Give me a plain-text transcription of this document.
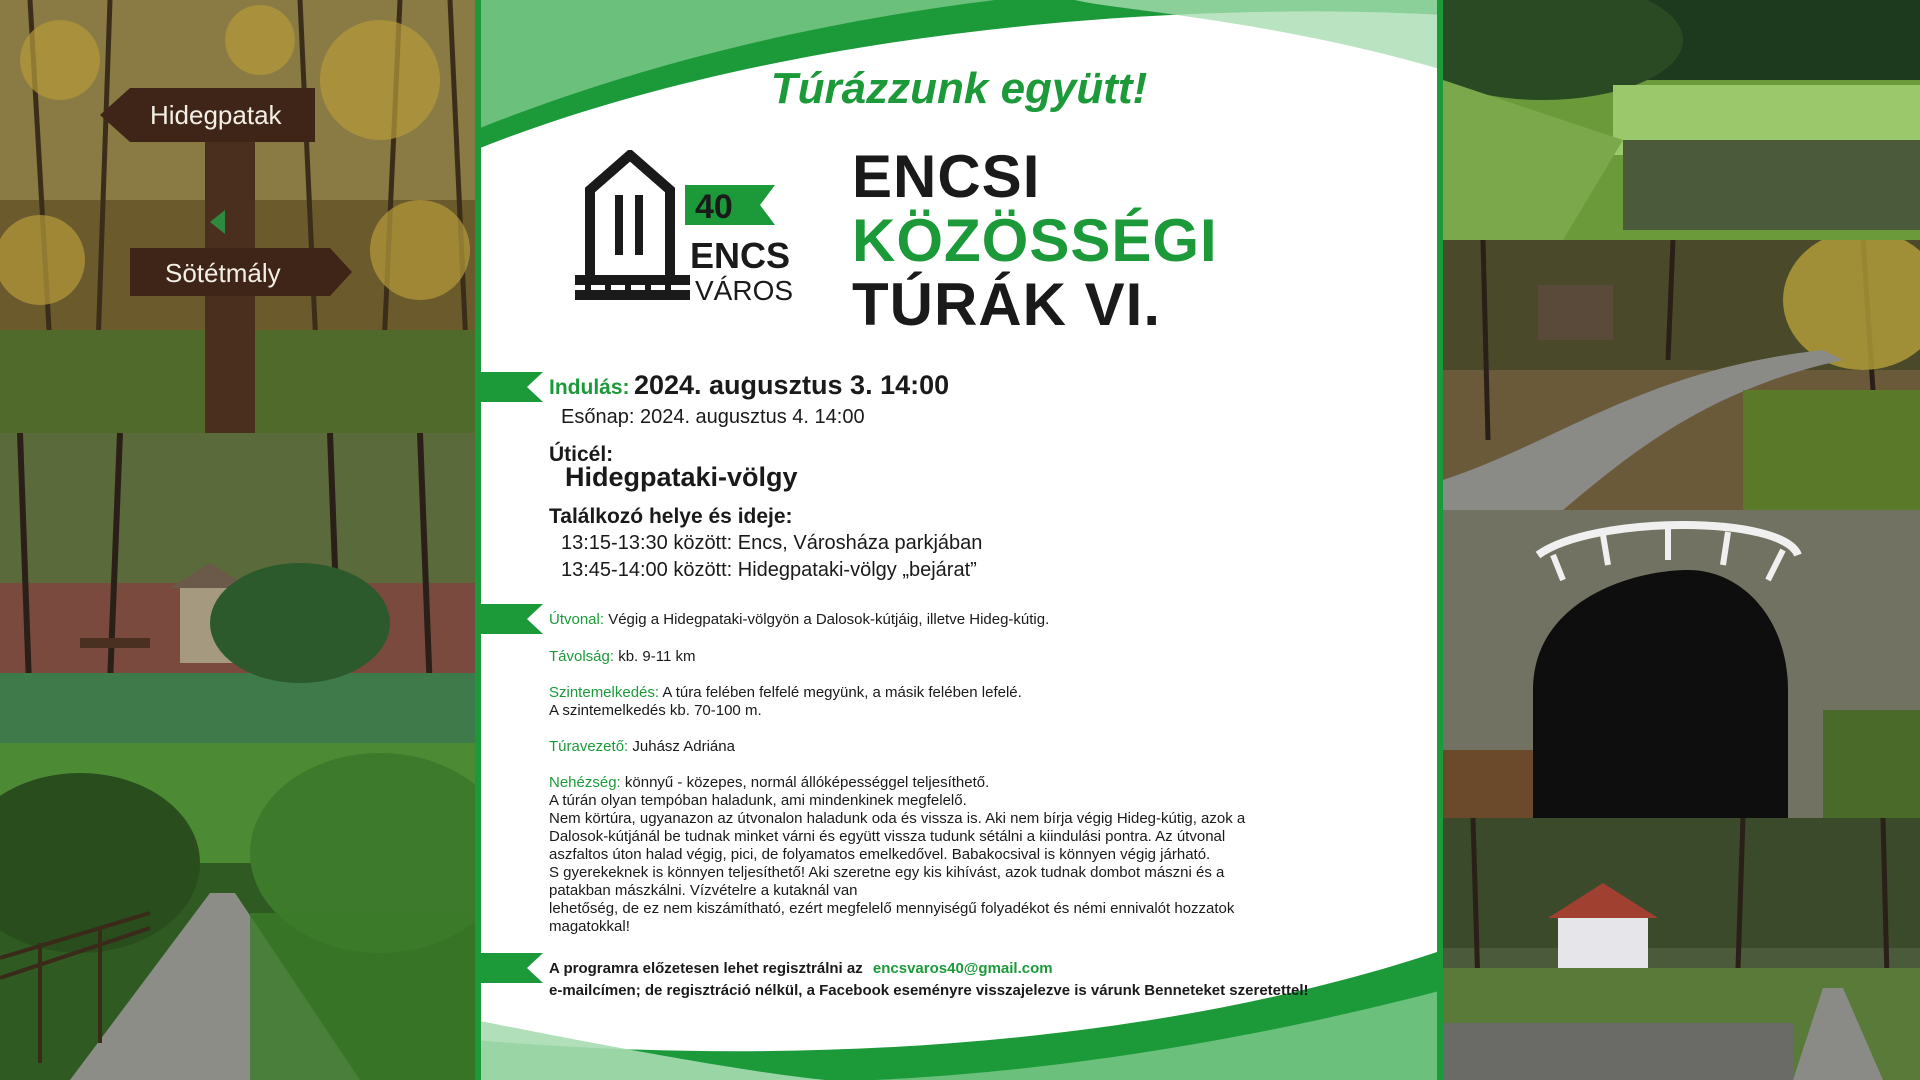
Hidegpatak
Sötétmály
Túrázzunk együtt!
40
ENCS
VÁROS
ENCSI
KÖZÖSSÉGI
TÚRÁK VI.
Indulás: 2024. augusztus 3. 14:00
Esőnap: 2024. augusztus 4. 14:00
Úticél:
Hidegpataki-völgy
Találkozó helye és ideje:
13:15-13:30 között: Encs, Városháza parkjában
13:45-14:00 között: Hidegpataki-völgy „bejárat”
Útvonal: Végig a Hidegpataki-völgyön a Dalosok-kútjáig, illetve Hideg-kútig.
Távolság: kb. 9-11 km
Szintemelkedés: A túra felében felfelé megyünk, a másik felében lefelé.
A szintemelkedés kb. 70-100 m.
Túravezető: Juhász Adriána
Nehézség: könnyű - közepes, normál állóképességgel teljesíthető.
A túrán olyan tempóban haladunk, ami mindenkinek megfelelő.
Nem körtúra, ugyanazon az útvonalon haladunk oda és vissza is. Aki nem bírja végig Hideg-kútig, azok a
Dalosok-kútjánál be tudnak minket várni és együtt vissza tudunk sétálni a kiindulási pontra. Az útvonal
aszfaltos úton halad végig, pici, de folyamatos emelkedővel. Babakocsival is könnyen végig járható.
S gyerekeknek is könnyen teljesíthető! Aki szeretne egy kis kihívást, azok tudnak dombot mászni és a
patakban mászkálni. Vízvételre a kutaknál van
lehetőség, de ez nem kiszámítható, ezért megfelelő mennyiségű folyadékot és némi ennivalót hozzatok
magatokkal!
A programra előzetesen lehet regisztrálni az encsvaros40@gmail.com
e-mailcímen; de regisztráció nélkül, a Facebook eseményre visszajelezve is várunk Benneteket szeretettel!
